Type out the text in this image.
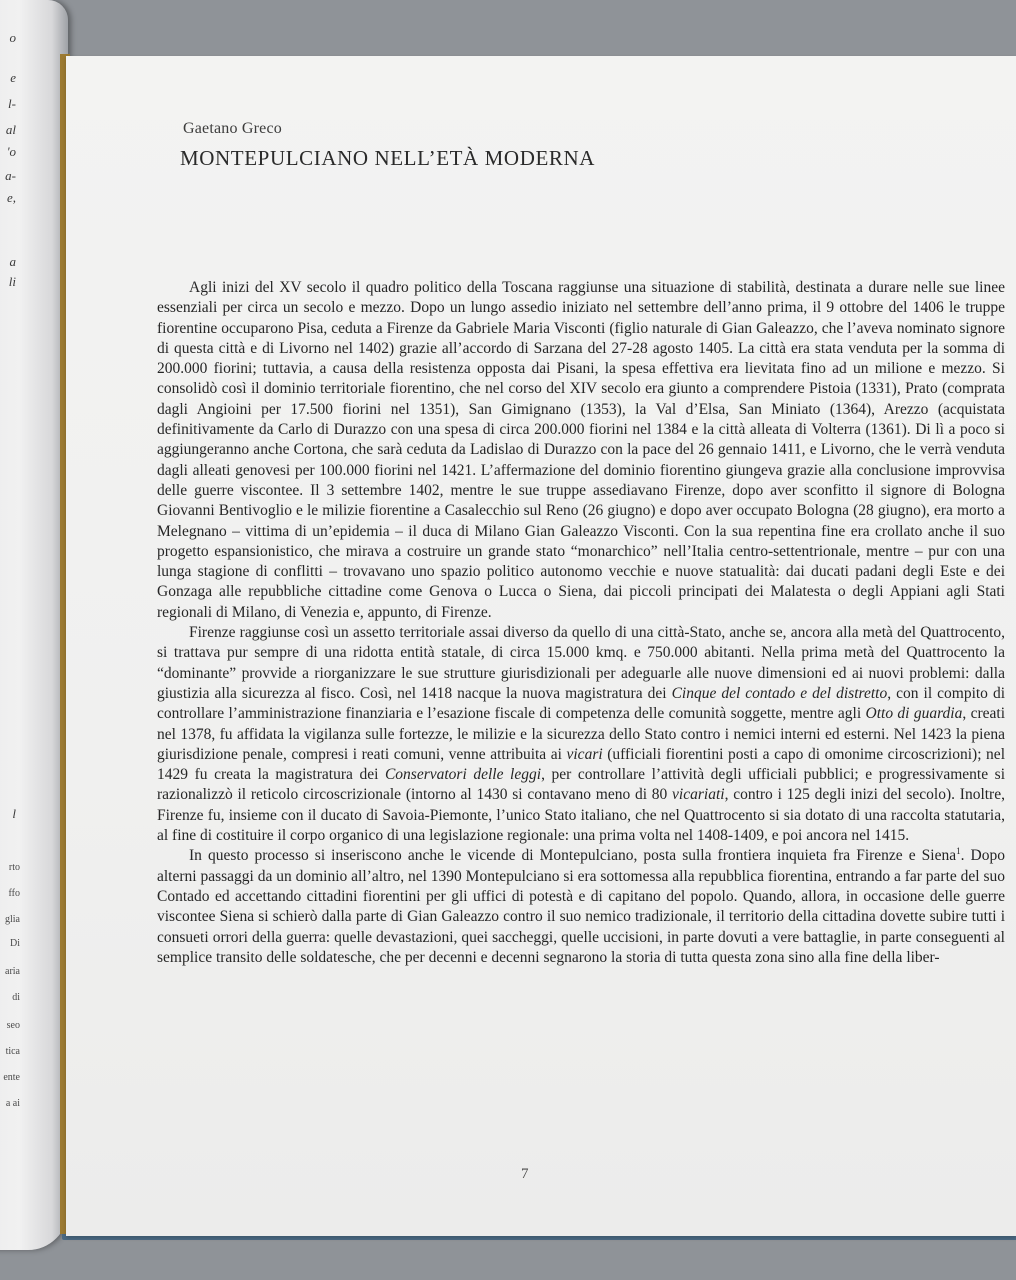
o
e
l-
al
'o
a-
e,
a
li
l
rto
ffo
glia
Di
aria
di
seo
tica
ente
a ai
Gaetano Greco
MONTEPULCIANO NELL’ETÀ MODERNA

Agli inizi del XV secolo il quadro politico della Toscana raggiunse una situazione di stabilità, destinata a durare nelle sue linee essenziali per circa un secolo e mezzo. Dopo un lungo assedio iniziato nel settembre dell’anno prima, il 9 ottobre del 1406 le truppe fiorentine occuparono Pisa, ceduta a Firenze da Gabriele Maria Visconti (figlio naturale di Gian Galeazzo, che l’aveva nominato signore di questa città e di Livorno nel 1402) grazie all’accordo di Sarzana del 27-28 agosto 1405. La città era stata venduta per la somma di 200.000 fiorini; tuttavia, a causa della resistenza opposta dai Pisani, la spesa effettiva era lievitata fino ad un milione e mezzo. Si consolidò così il dominio territoriale fiorentino, che nel corso del XIV secolo era giunto a comprendere Pistoia (1331), Prato (comprata dagli Angioini per 17.500 fiorini nel 1351), San Gimignano (1353), la Val d’Elsa, San Miniato (1364), Arezzo (acquistata definitivamente da Carlo di Durazzo con una spesa di circa 200.000 fiorini nel 1384 e la città alleata di Volterra (1361). Di lì a poco si aggiungeranno anche Cortona, che sarà ceduta da Ladislao di Durazzo con la pace del 26 gennaio 1411, e Livorno, che le verrà venduta dagli alleati genovesi per 100.000 fiorini nel 1421. L’affermazione del dominio fiorentino giungeva grazie alla conclusione improvvisa delle guerre viscontee. Il 3 settembre 1402, mentre le sue truppe assediavano Firenze, dopo aver sconfitto il signore di Bologna Giovanni Bentivoglio e le milizie fiorentine a Casalecchio sul Reno (26 giugno) e dopo aver occupato Bologna (28 giugno), era morto a Melegnano – vittima di un’epidemia – il duca di Milano Gian Galeazzo Visconti. Con la sua repentina fine era crollato anche il suo progetto espansionistico, che mirava a costruire un grande stato “monarchico” nell’Italia centro-settentrionale, mentre – pur con una lunga stagione di conflitti – trovavano uno spazio politico autonomo vecchie e nuove statualità: dai ducati padani degli Este e dei Gonzaga alle repubbliche cittadine come Genova o Lucca o Siena, dai piccoli principati dei Malatesta o degli Appiani agli Stati regionali di Milano, di Venezia e, appunto, di Firenze.

Firenze raggiunse così un assetto territoriale assai diverso da quello di una città-Stato, anche se, ancora alla metà del Quattrocento, si trattava pur sempre di una ridotta entità statale, di circa 15.000 kmq. e 750.000 abitanti. Nella prima metà del Quattrocento la “dominante” provvide a riorganizzare le sue strutture giurisdizionali per adeguarle alle nuove dimensioni ed ai nuovi problemi: dalla giustizia alla sicurezza al fisco. Così, nel 1418 nacque la nuova magistratura dei Cinque del contado e del distretto, con il compito di controllare l’amministrazione finanziaria e l’esazione fiscale di competenza delle comunità soggette, mentre agli Otto di guardia, creati nel 1378, fu affidata la vigilanza sulle fortezze, le milizie e la sicurezza dello Stato contro i nemici interni ed esterni. Nel 1423 la piena giurisdizione penale, compresi i reati comuni, venne attribuita ai vicari (ufficiali fiorentini posti a capo di omonime circoscrizioni); nel 1429 fu creata la magistratura dei Conservatori delle leggi, per controllare l’attività degli ufficiali pubblici; e progressivamente si razionalizzò il reticolo circoscrizionale (intorno al 1430 si contavano meno di 80 vicariati, contro i 125 degli inizi del secolo). Inoltre, Firenze fu, insieme con il ducato di Savoia-Piemonte, l’unico Stato italiano, che nel Quattrocento si sia dotato di una raccolta statutaria, al fine di costituire il corpo organico di una legislazione regionale: una prima volta nel 1408-1409, e poi ancora nel 1415.

In questo processo si inseriscono anche le vicende di Montepulciano, posta sulla frontiera inquieta fra Firenze e Siena$^1$. Dopo alterni passaggi da un dominio all’altro, nel 1390 Montepulciano si era sottomessa alla repubblica fiorentina, entrando a far parte del suo Contado ed accettando cittadini fiorentini per gli uffici di potestà e di capitano del popolo. Quando, allora, in occasione delle guerre viscontee Siena si schierò dalla parte di Gian Galeazzo contro il suo nemico tradizionale, il territorio della cittadina dovette subire tutti i consueti orrori della guerra: quelle devastazioni, quei saccheggi, quelle uccisioni, in parte dovuti a vere battaglie, in parte conseguenti al semplice transito delle soldatesche, che per decenni e decenni segnarono la storia di tutta questa zona sino alla fine della liber-

7
